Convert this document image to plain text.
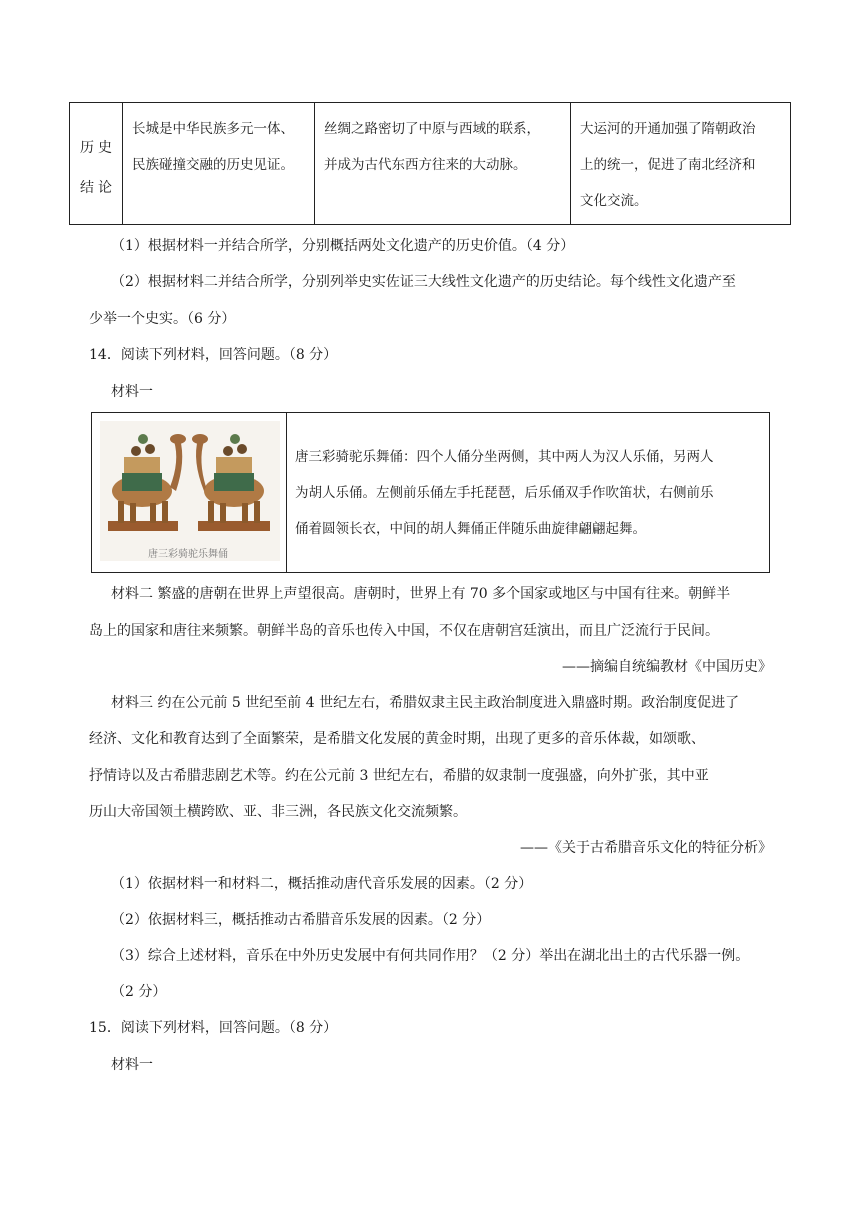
历史
结论
长城是中华民族多元一体、
民族碰撞交融的历史见证。
丝绸之路密切了中原与西域的联系，
并成为古代东西方往来的大动脉。
大运河的开通加强了隋朝政治
上的统一，促进了南北经济和
文化交流。
（1）根据材料一并结合所学，分别概括两处文化遗产的历史价值。（4 分）
（2）根据材料二并结合所学，分别列举史实佐证三大线性文化遗产的历史结论。每个线性文化遗产至
少举一个史实。（6 分）
14．阅读下列材料，回答问题。（8 分）
材料一
唐三彩骑驼乐舞俑
唐三彩骑驼乐舞俑：四个人俑分坐两侧，其中两人为汉人乐俑，另两人
为胡人乐俑。左侧前乐俑左手托琵琶，后乐俑双手作吹笛状，右侧前乐
俑着圆领长衣，中间的胡人舞俑正伴随乐曲旋律翩翩起舞。
材料二 繁盛的唐朝在世界上声望很高。唐朝时，世界上有 70 多个国家或地区与中国有往来。朝鲜半
岛上的国家和唐往来频繁。朝鲜半岛的音乐也传入中国，不仅在唐朝宫廷演出，而且广泛流行于民间。
——摘编自统编教材《中国历史》
材料三 约在公元前 5 世纪至前 4 世纪左右，希腊奴隶主民主政治制度进入鼎盛时期。政治制度促进了
经济、文化和教育达到了全面繁荣，是希腊文化发展的黄金时期，出现了更多的音乐体裁，如颂歌、
抒情诗以及古希腊悲剧艺术等。约在公元前 3 世纪左右，希腊的奴隶制一度强盛，向外扩张，其中亚
历山大帝国领土横跨欧、亚、非三洲，各民族文化交流频繁。
——《关于古希腊音乐文化的特征分析》
（1）依据材料一和材料二，概括推动唐代音乐发展的因素。（2 分）
（2）依据材料三，概括推动古希腊音乐发展的因素。（2 分）
（3）综合上述材料，音乐在中外历史发展中有何共同作用？（2 分）举出在湖北出土的古代乐器一例。
（2 分）
15．阅读下列材料，回答问题。（8 分）
材料一
